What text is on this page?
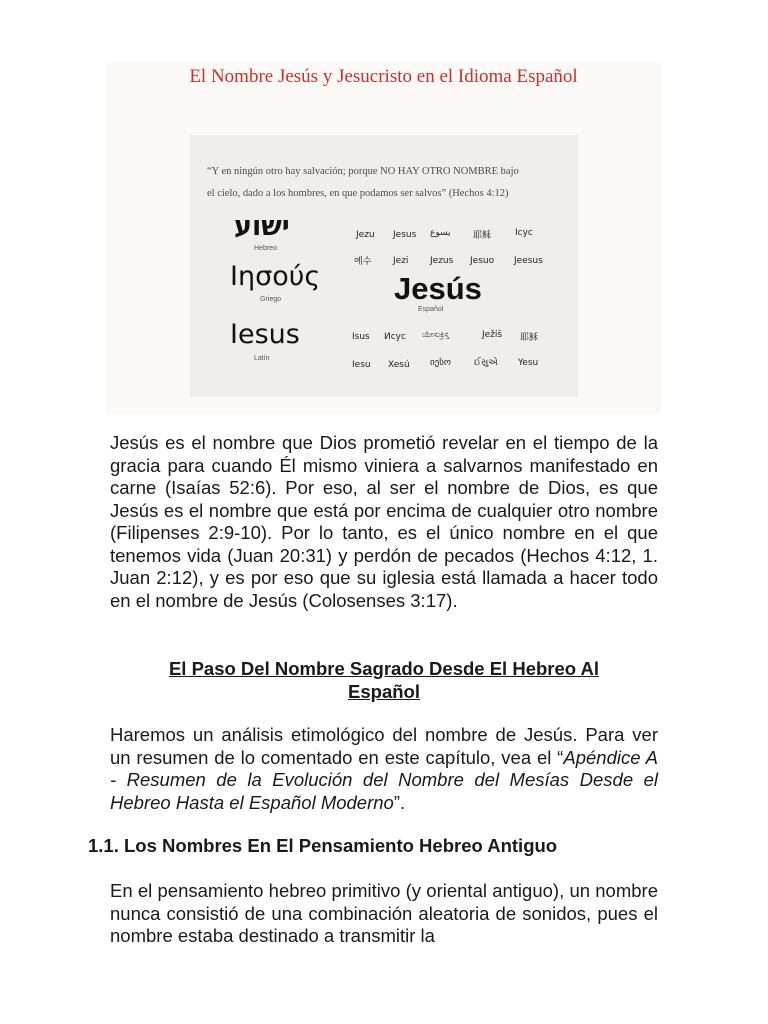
El Nombre Jesús y Jesucristo en el Idioma Español
“Y en ningún otro hay salvación; porque NO HAY OTRO NOMBRE bajo
el cielo, dado a los hombres, en que podamos ser salvos” (Hechos 4:12)
ישוע
Hebreo
Ιησούς
Griego
Iesus
Latín
Jesús
Español
Jezu Jesus يسوع 耶稣	Icyc
예수 Jezi Jezus Jesuo Jeesus
Isus Исус ಯೇಸುಕ್ರಿಸ್ತ	Ježíš 耶穌
Iesu Xesú იესო	ઈસુએ Yesu

Jesús es el nombre que Dios prometió revelar en el tiempo de la gracia para cuando Él mismo viniera a salvarnos manifestado en carne (Isaías 52:6). Por eso, al ser el nombre de Dios, es que Jesús es el nombre que está por encima de cualquier otro nombre (Filipenses 2:9-10). Por lo tanto, es el único nombre en el que tenemos vida (Juan 20:31) y perdón de pecados (Hechos 4:12, 1. Juan 2:12), y es por eso que su iglesia está llamada a hacer todo en el nombre de Jesús (Colosenses 3:17).

El Paso Del Nombre Sagrado Desde El Hebreo Al
Español

Haremos un análisis etimológico del nombre de Jesús. Para ver un resumen de lo comentado en este capítulo, vea el “Apéndice A - Resumen de la Evolución del Nombre del Mesías Desde el Hebreo Hasta el Español Moderno”.

1.1. Los Nombres En El Pensamiento Hebreo Antiguo

En el pensamiento hebreo primitivo (y oriental antiguo), un nombre nunca consistió de una combinación aleatoria de sonidos, pues el nombre estaba destinado a transmitir la
